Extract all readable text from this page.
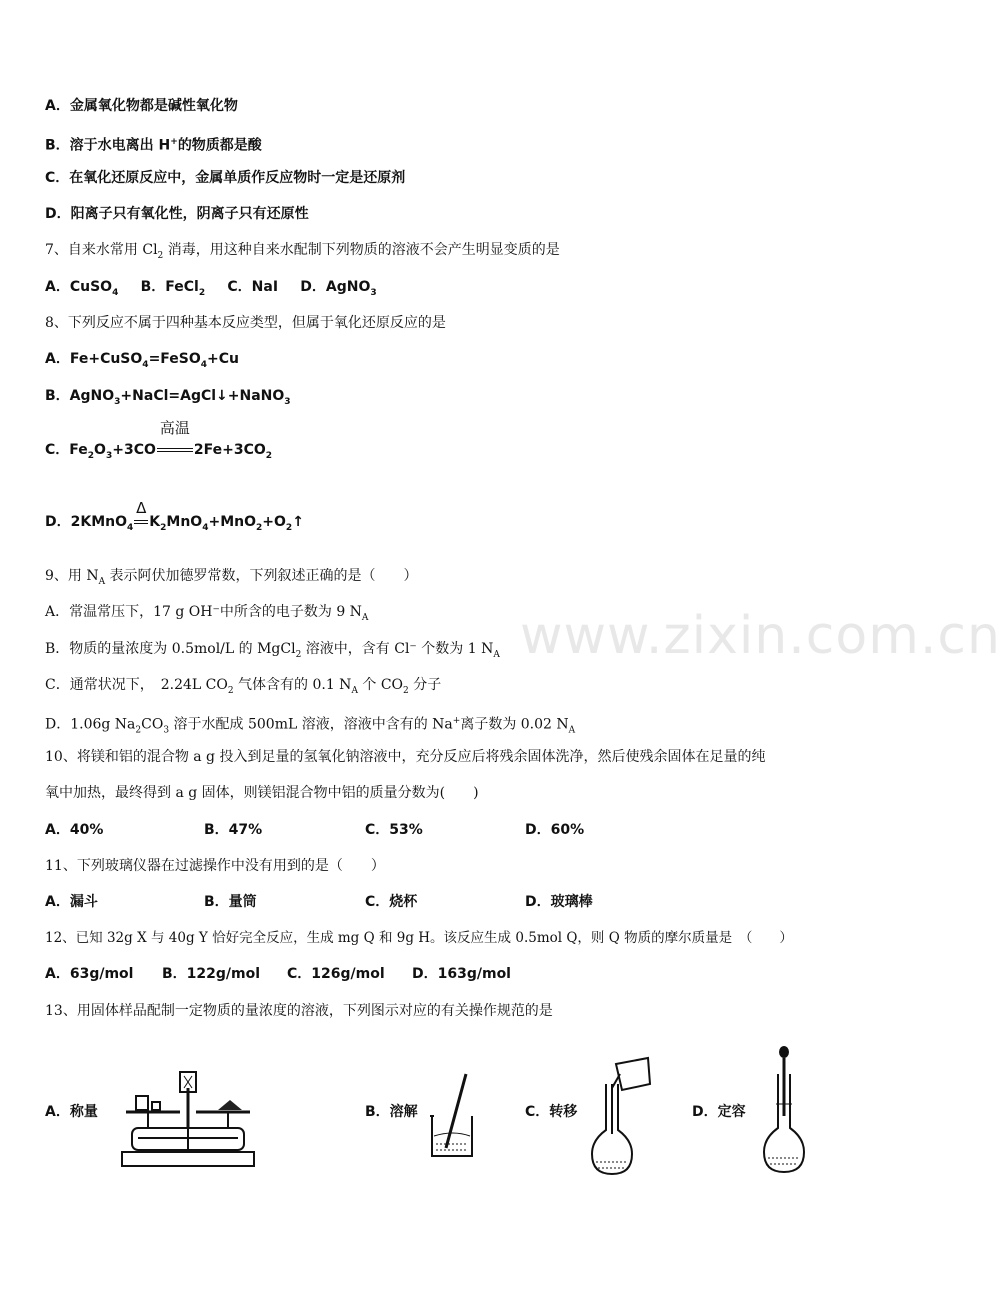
www.zixin.com.cn
A．金属氧化物都是碱性氧化物
B．溶于水电离出 H+的物质都是酸
C．在氧化还原反应中，金属单质作反应物时一定是还原剂
D．阳离子只有氧化性，阴离子只有还原性
7、自来水常用 $Cl_2$ 消毒，用这种自来水配制下列物质的溶液不会产生明显变质的是
A．CuSO$_4$ B．FeCl$_2$ C．NaI D．AgNO$_3$
8、下列反应不属于四种基本反应类型，但属于氧化还原反应的是
A．Fe+CuSO$_4$=FeSO$_4$+Cu
B．AgNO$_3$+NaCl=AgCl↓+NaNO$_3$
C．$Fe_2O_3+3CO$
高温
$2Fe+3CO_2$
D．2KMnO$_4$
Δ
$K_2MnO_4+MnO_2+O_2↑$
9、用 $N_A$ 表示阿伏加德罗常数，下列叙述正确的是（　　）
A．常温常压下，17 g OH⁻中所含的电子数为 9 $N_A$
B．物质的量浓度为 0.5mol/L 的 MgCl$_2$ 溶液中，含有 Cl⁻ 个数为 1 $N_A$
C．通常状况下，　2.24L $CO_2$ 气体含有的 0.1 $N_A$ 个 $CO_2$ 分子
D．1.06g $Na_2CO_3$ 溶于水配成 500mL 溶液，溶液中含有的 Na+离子数为 0.02 $N_A$
10、将镁和铝的混合物 a g 投入到足量的氢氧化钠溶液中，充分反应后将残余固体洗净，然后使残余固体在足量的纯
氧中加热，最终得到 a g 固体，则镁铝混合物中铝的质量分数为(　　)
A．40%	B．47%	C．53%	D．60%
11、下列玻璃仪器在过滤操作中没有用到的是（　　）
A．漏斗	B．量筒	C．烧杯	D．玻璃棒
12、已知 32g X 与 40g Y 恰好完全反应，生成 mg Q 和 9g H。该反应生成 0.5mol Q，则 Q 物质的摩尔质量是　（　　）
A．63g/mol B．122g/mol C．126g/mol D．163g/mol
13、用固体样品配制一定物质的量浓度的溶液，下列图示对应的有关操作规范的是
A．称量	B．溶解	C．转移	D．定容
